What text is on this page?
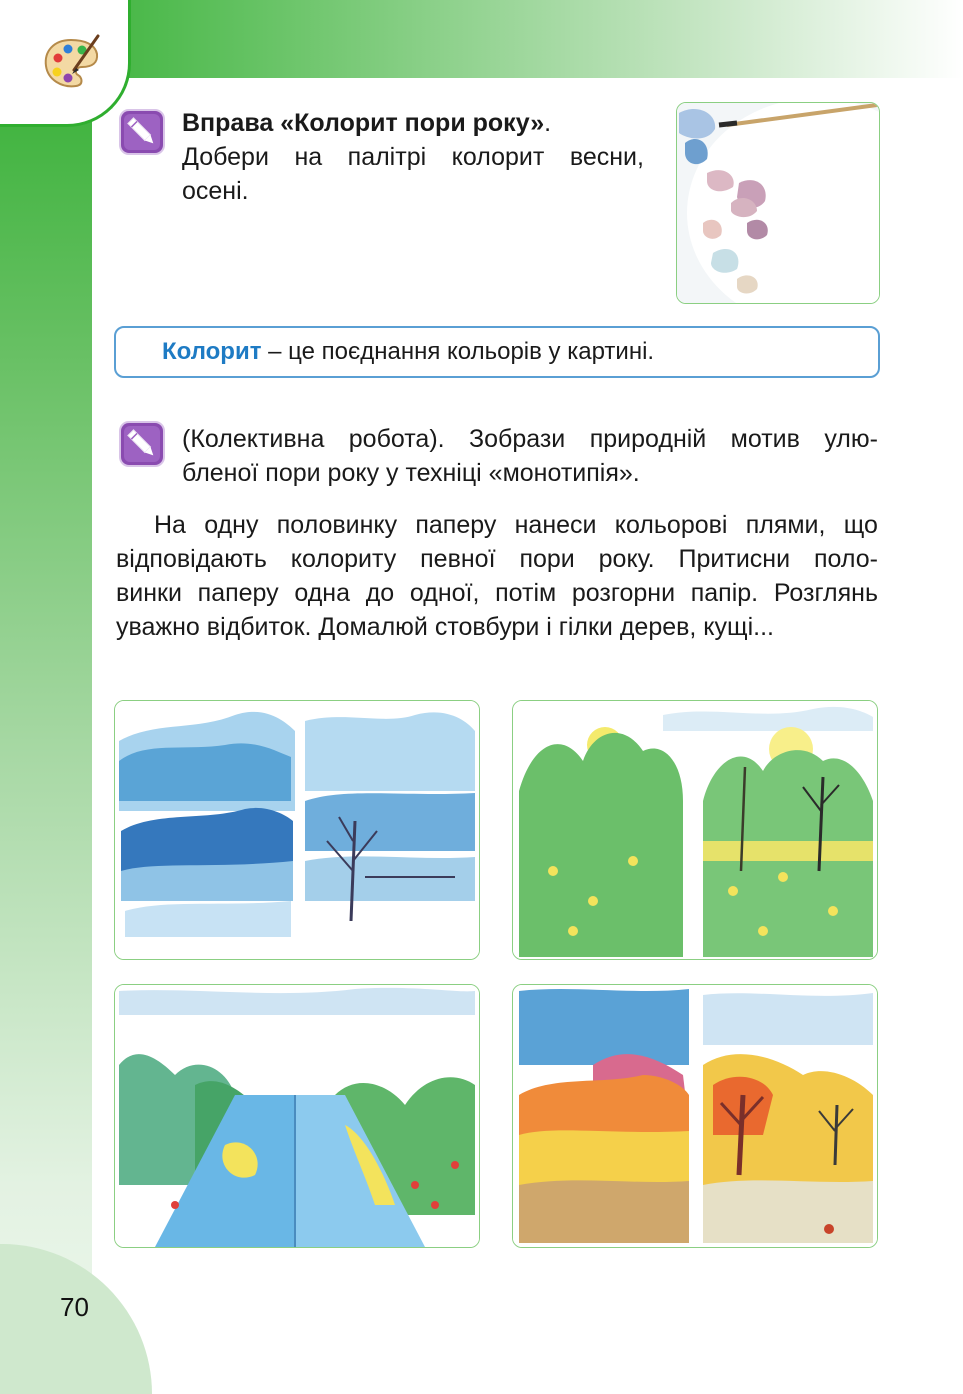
Вправа «Колорит пори року».
Добери на палітрі колорит весни,
осені.
Колорит – це поєднання кольорів у картині.
(Колективна робота). Зобрази природній мотив улю-
бленої пори року у техніці «монотипія».
На одну половинку паперу нанеси кольорові плями, що
відповідають колориту певної пори року. Притисни поло-
винки паперу одна до одної, потім розгорни папір. Розглянь
уважно відбиток. Домалюй стовбури і гілки дерев, кущі...
70
